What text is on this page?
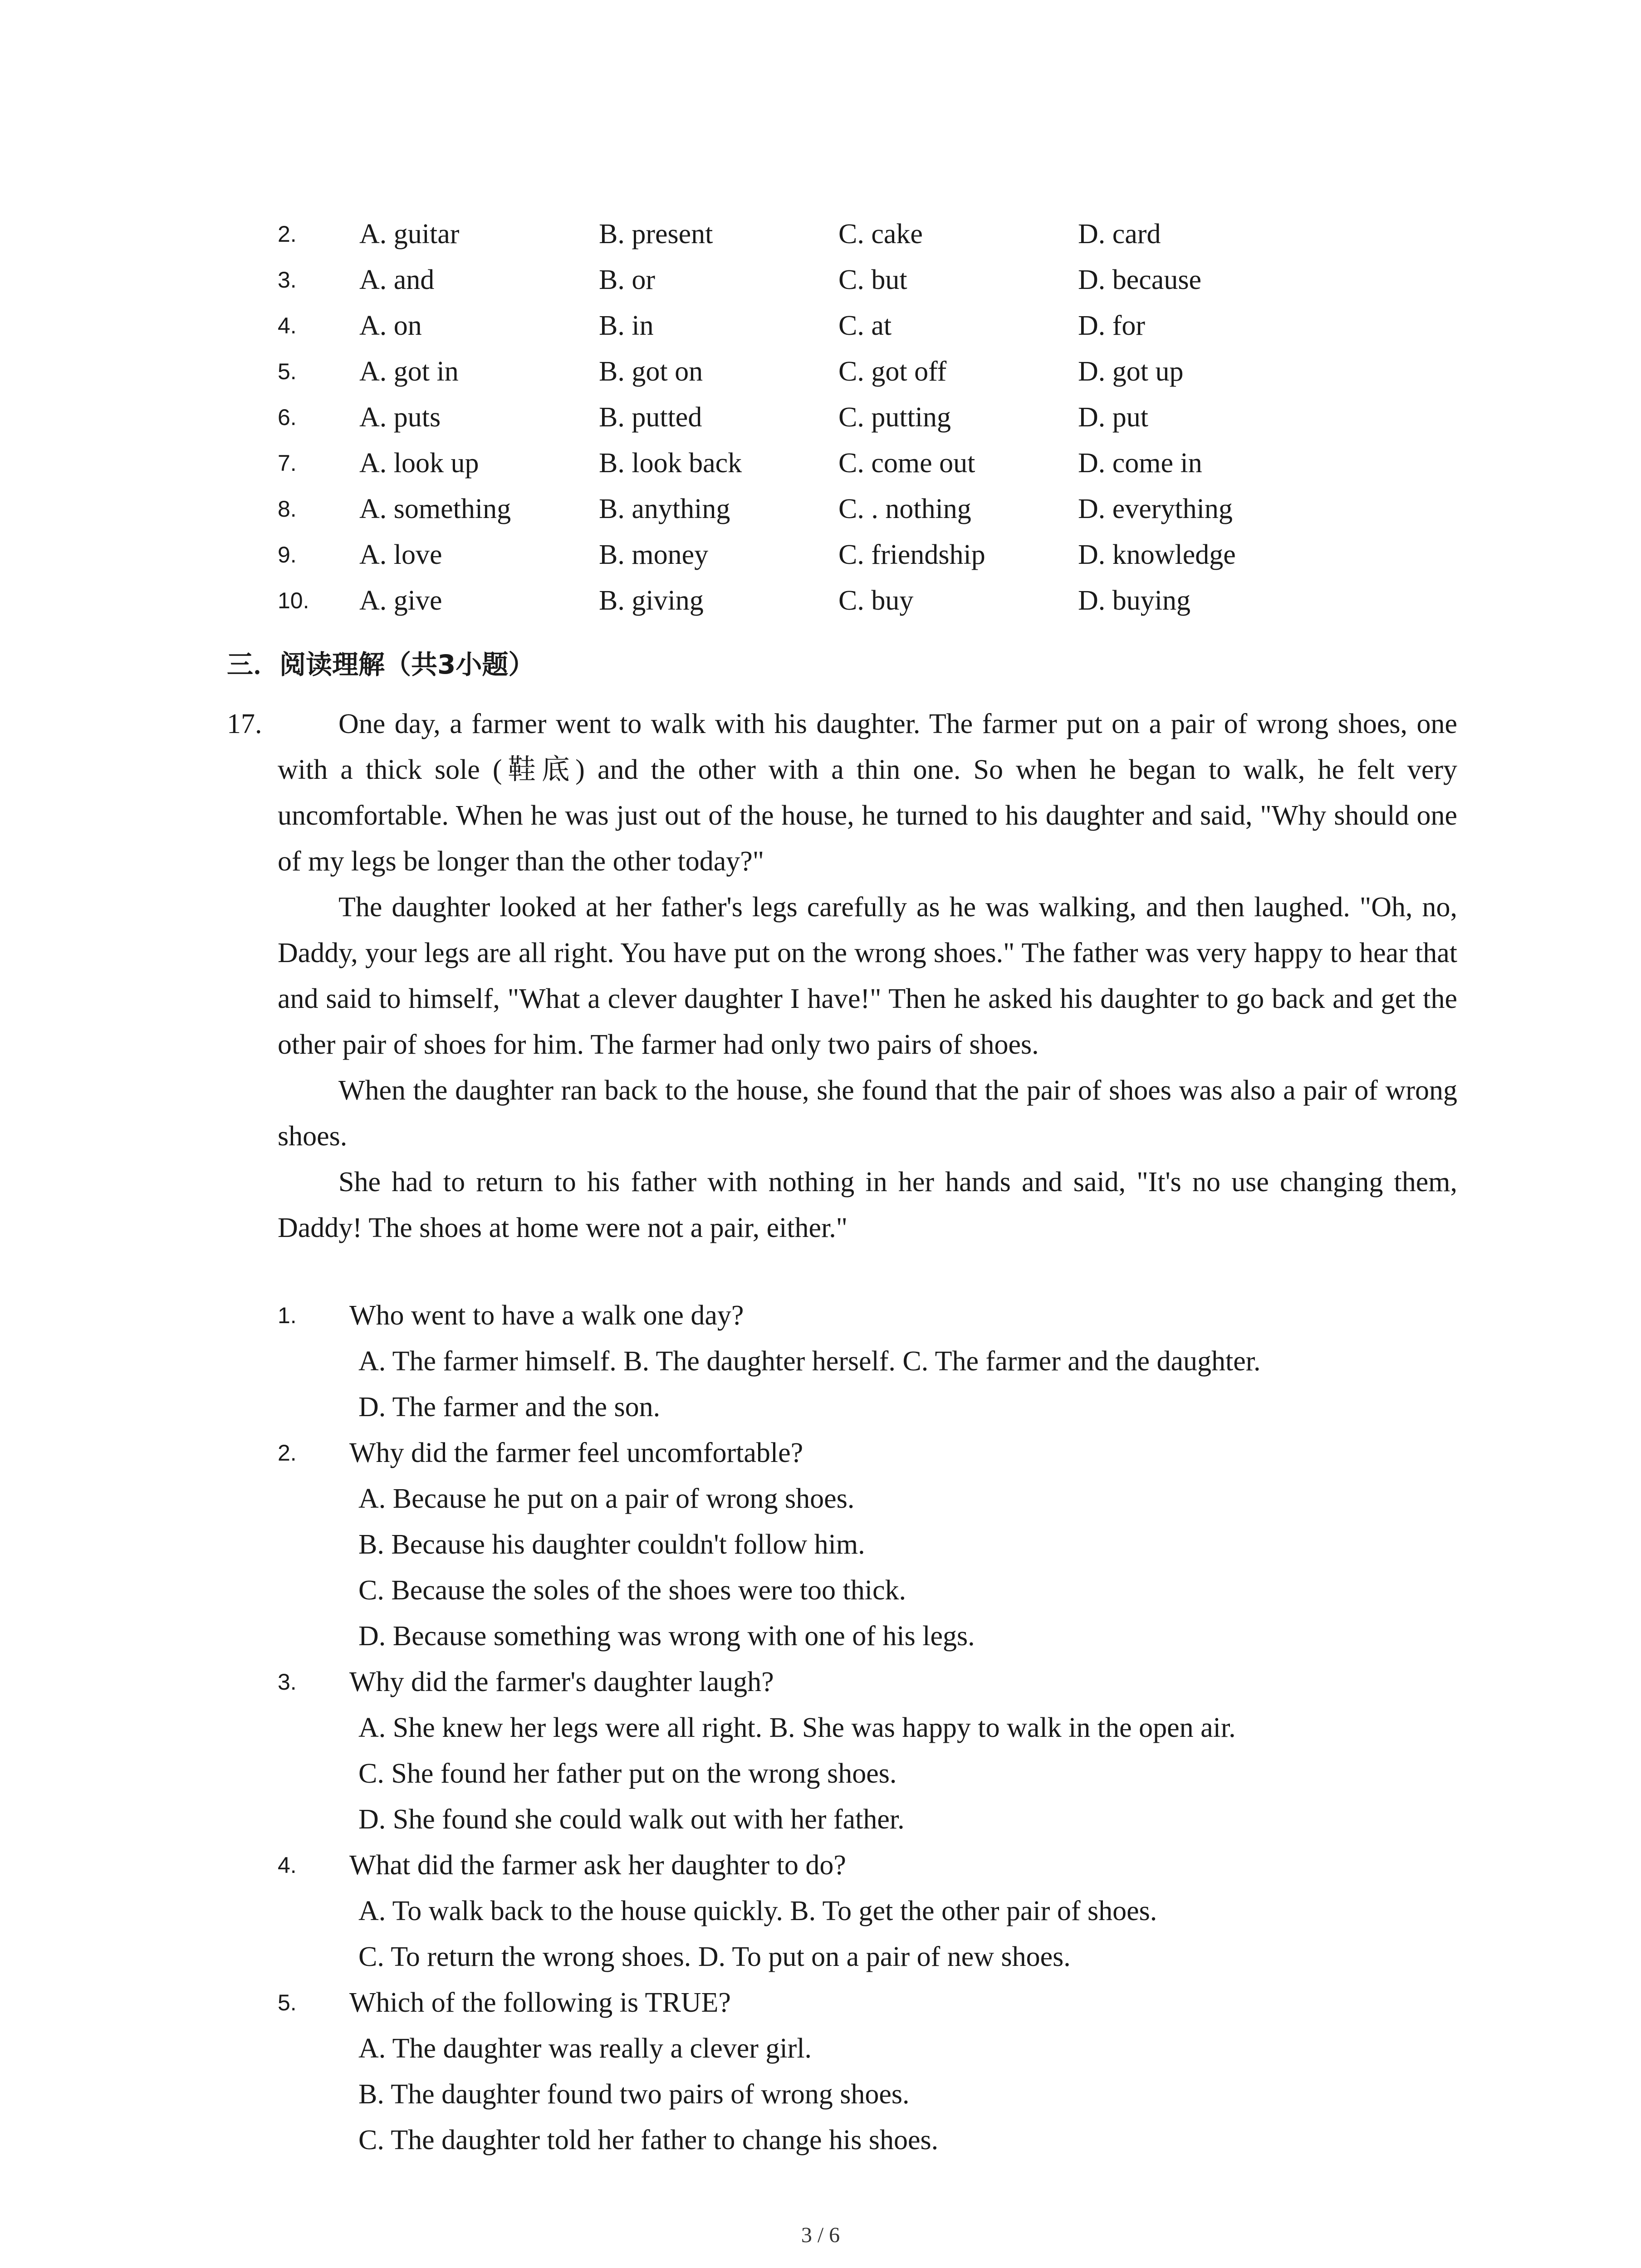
2. A. guitar	B. present	C. cake	D. card
3. A. and	B. or	C. but	D. because
4. A. on	B. in	C. at	D. for
5. A. got in	B. got on	C. got off	D. got up
6. A. puts	B. putted	C. putting	D. put
7. A. look up	B. look back	C. come out	D. come in
8. A. something	B. anything	C. . nothing	D. everything
9. A. love	B. money	C. friendship	D. knowledge
10. A. give	B. giving	C. buy	D. buying
三．阅读理解（共3小题）
17.	One day, a farmer went to walk with his daughter. The farmer put on a pair of wrong shoes, one with a thick sole (鞋底) and the other with a thin one. So when he began to walk, he felt very uncomfortable. When he was just out of the house, he turned to his daughter and said, "Why should one of my legs be longer than the other today?"

The daughter looked at her father's legs carefully as he was walking, and then laughed. "Oh, no, Daddy, your legs are all right. You have put on the wrong shoes." The father was very happy to hear that and said to himself, "What a clever daughter I have!" Then he asked his daughter to go back and get the other pair of shoes for him. The farmer had only two pairs of shoes.

When the daughter ran back to the house, she found that the pair of shoes was also a pair of wrong shoes.

She had to return to his father with nothing in her hands and said, "It's no use changing them, Daddy! The shoes at home were not a pair, either."

1. Who went to have a walk one day?
A. The farmer himself. B. The daughter herself. C. The farmer and the daughter.
D. The farmer and the son.
2. Why did the farmer feel uncomfortable?
A. Because he put on a pair of wrong shoes.
B. Because his daughter couldn't follow him.
C. Because the soles of the shoes were too thick.
D. Because something was wrong with one of his legs.
3. Why did the farmer's daughter laugh?
A. She knew her legs were all right. B. She was happy to walk in the open air.
C. She found her father put on the wrong shoes.
D. She found she could walk out with her father.
4. What did the farmer ask her daughter to do?
A. To walk back to the house quickly. B. To get the other pair of shoes.
C. To return the wrong shoes. D. To put on a pair of new shoes.
5. Which of the following is TRUE?
A. The daughter was really a clever girl.
B. The daughter found two pairs of wrong shoes.
C. The daughter told her father to change his shoes.
3 / 6
